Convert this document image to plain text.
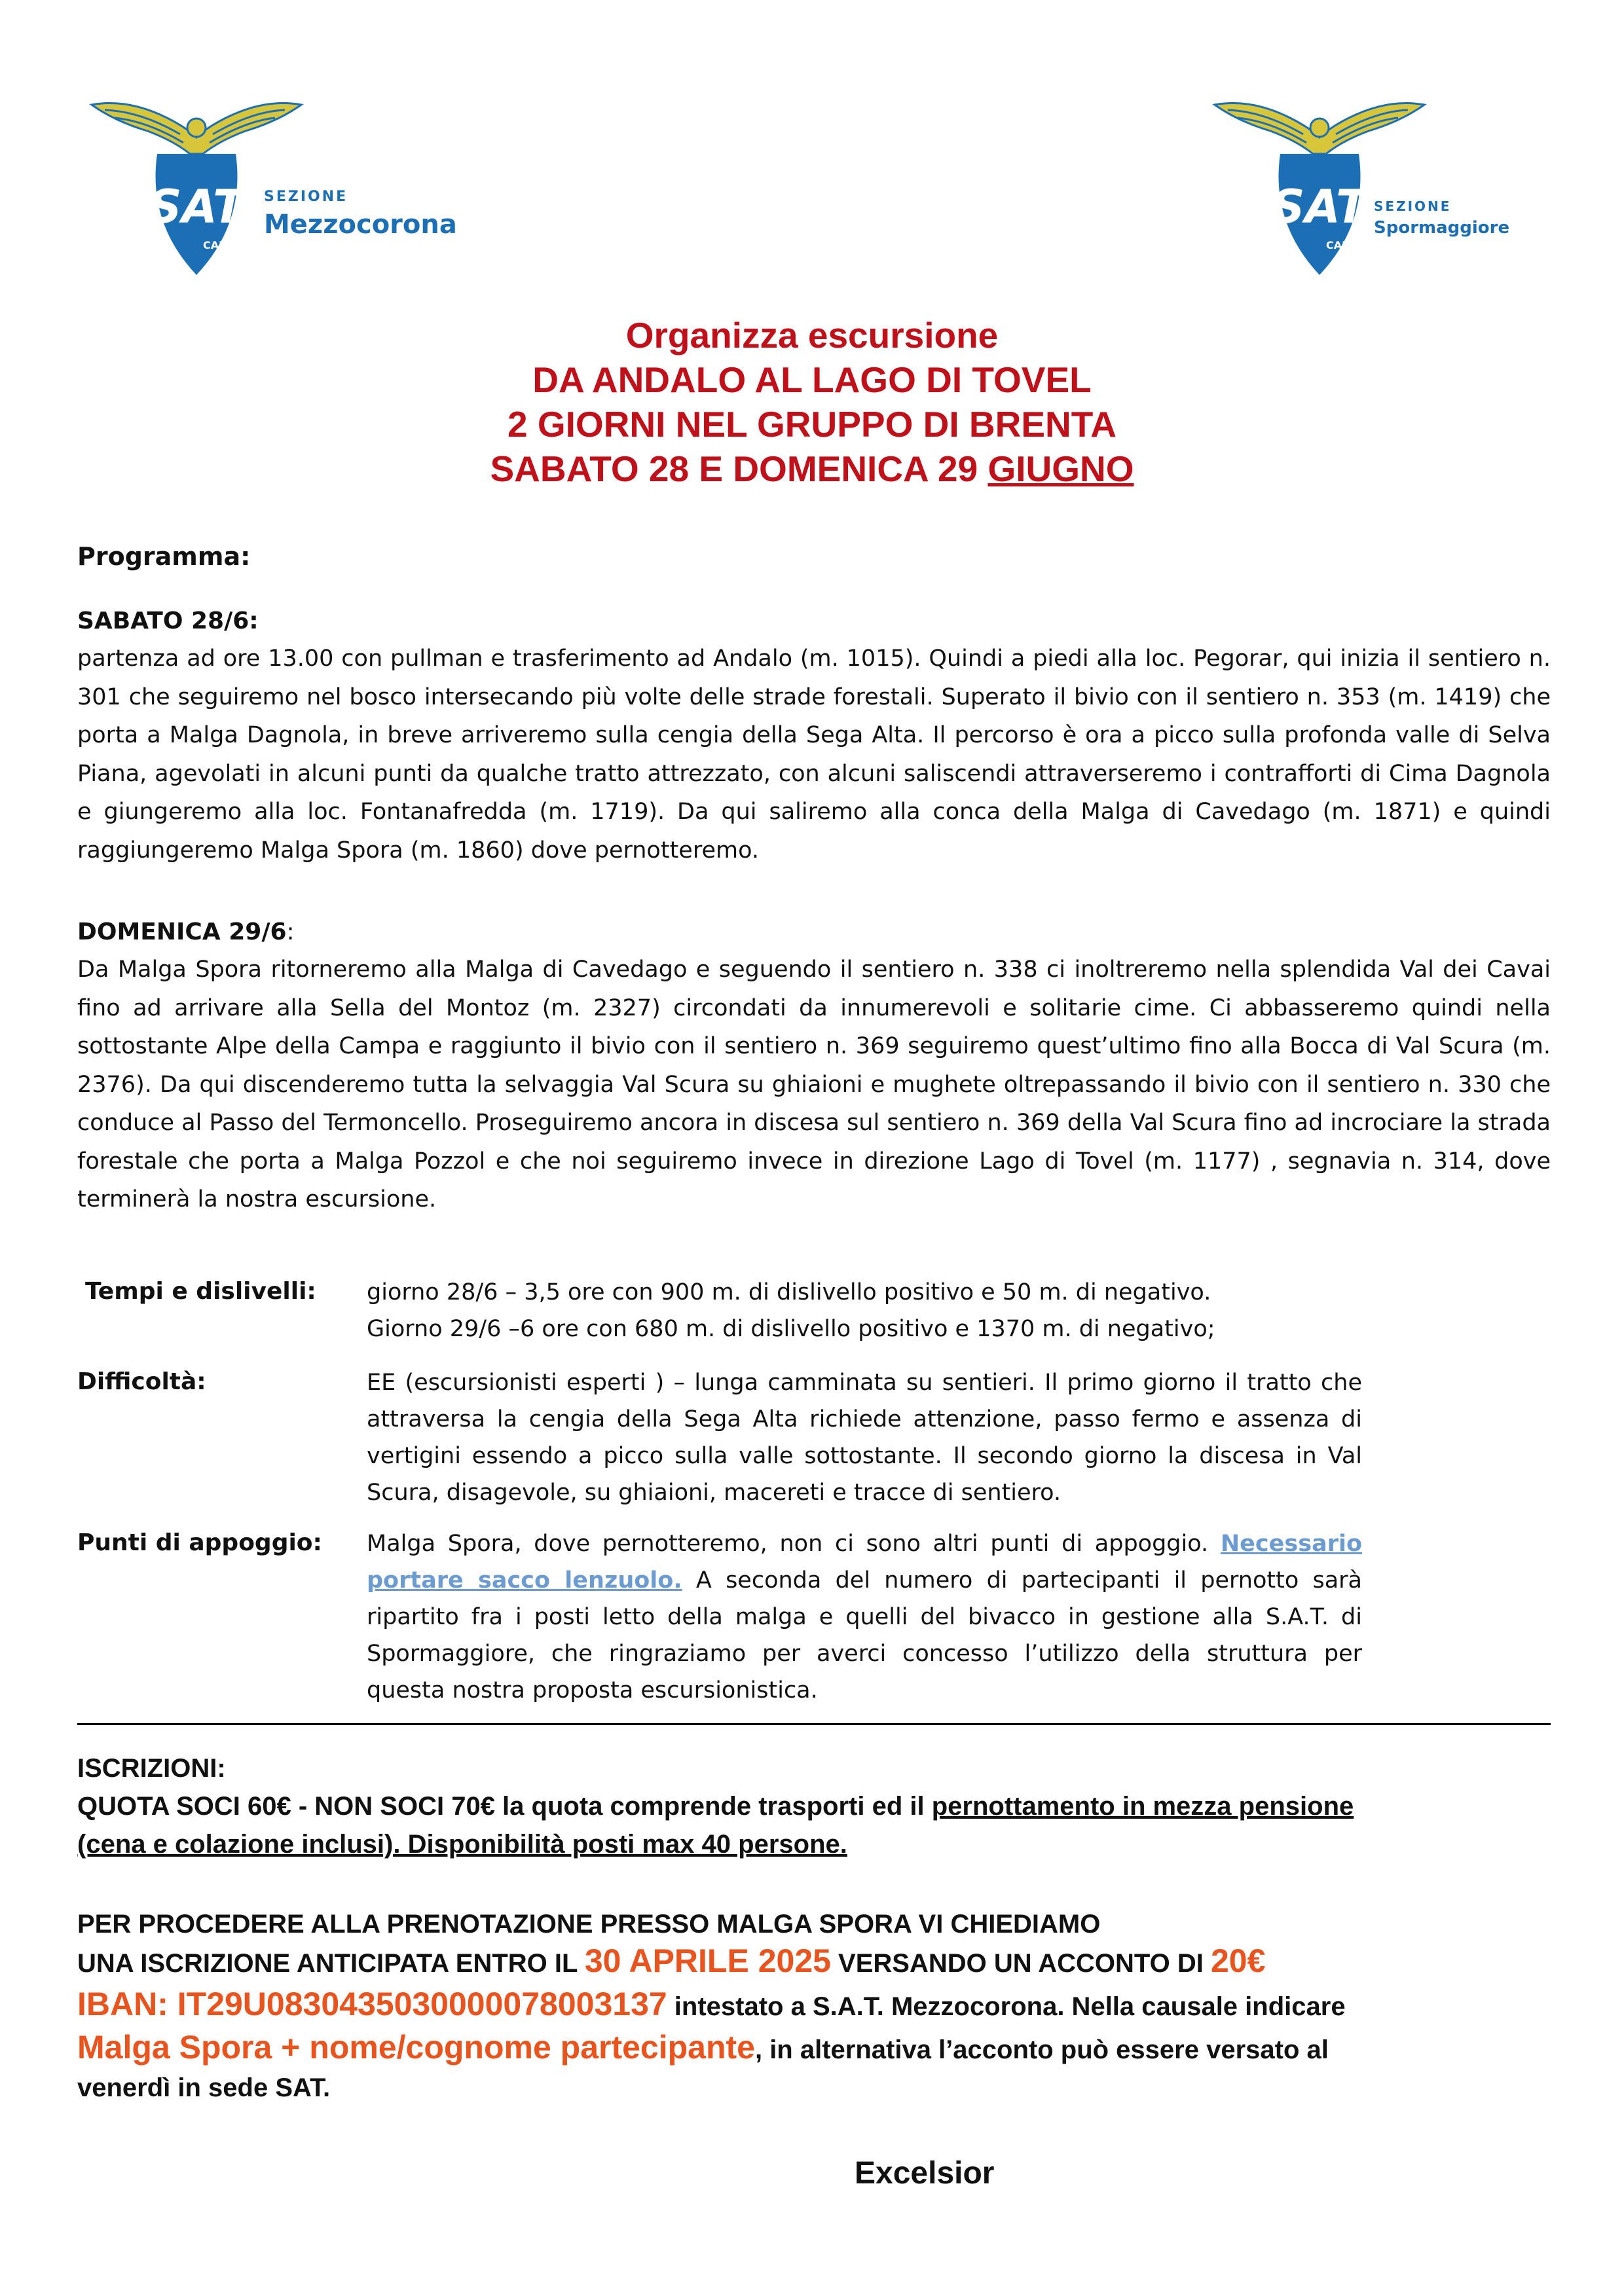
SAT
CAI
SEZIONE
Mezzocorona	SAT
CAI
SEZIONE
Spormaggiore
Organizza escursione
DA ANDALO AL LAGO DI TOVEL
2 GIORNI NEL GRUPPO DI BRENTA
SABATO 28 E DOMENICA 29 GIUGNO
Programma:
SABATO 28/6:
partenza ad ore 13.00 con pullman e trasferimento ad Andalo (m. 1015). Quindi a piedi alla loc. Pegorar, qui inizia il sentiero n. 301 che seguiremo nel bosco intersecando più volte delle strade forestali. Superato il bivio con il sentiero n. 353 (m. 1419) che porta a Malga Dagnola, in breve arriveremo sulla cengia della Sega Alta. Il percorso è ora a picco sulla profonda valle di Selva Piana, agevolati in alcuni punti da qualche tratto attrezzato, con alcuni saliscendi attraverseremo i contrafforti di Cima Dagnola e giungeremo alla loc. Fontanafredda (m. 1719). Da qui saliremo alla conca della Malga di Cavedago (m. 1871) e quindi raggiungeremo Malga Spora (m. 1860) dove pernotteremo.
DOMENICA 29/6:
Da Malga Spora ritorneremo alla Malga di Cavedago e seguendo il sentiero n. 338 ci inoltreremo nella splendida Val dei Cavai fino ad arrivare alla Sella del Montoz (m. 2327) circondati da innumerevoli e solitarie cime. Ci abbasseremo quindi nella sottostante Alpe della Campa e raggiunto il bivio con il sentiero n. 369 seguiremo quest’ultimo fino alla Bocca di Val Scura (m. 2376). Da qui discenderemo tutta la selvaggia Val Scura su ghiaioni e mughete oltrepassando il bivio con il sentiero n. 330 che conduce al Passo del Termoncello. Proseguiremo ancora in discesa sul sentiero n. 369 della Val Scura fino ad incrociare la strada forestale che porta a Malga Pozzol e che noi seguiremo invece in direzione Lago di Tovel (m. 1177) , segnavia n. 314, dove terminerà la nostra escursione.
Tempi e dislivelli: giorno 28/6 – 3,5 ore con 900 m. di dislivello positivo e 50 m. di negativo.
Giorno 29/6 –6 ore con 680 m. di dislivello positivo e 1370 m. di negativo;
Difficoltà:	EE (escursionisti esperti ) – lunga camminata su sentieri. Il primo giorno il tratto che attraversa la cengia della Sega Alta richiede attenzione, passo fermo e assenza di vertigini essendo a picco sulla valle sottostante. Il secondo giorno la discesa in Val Scura, disagevole, su ghiaioni, macereti e tracce di sentiero.
Punti di appoggio: Malga Spora, dove pernotteremo, non ci sono altri punti di appoggio. Necessario portare sacco lenzuolo. A seconda del numero di partecipanti il pernotto sarà ripartito fra i posti letto della malga e quelli del bivacco in gestione alla S.A.T. di Spormaggiore, che ringraziamo per averci concesso l’utilizzo della struttura per questa nostra proposta escursionistica.
ISCRIZIONI:
QUOTA SOCI 60€ - NON SOCI 70€ la quota comprende trasporti ed il pernottamento in mezza pensione
(cena e colazione inclusi). Disponibilità posti max 40 persone.
PER PROCEDERE ALLA PRENOTAZIONE PRESSO MALGA SPORA VI CHIEDIAMO
UNA ISCRIZIONE ANTICIPATA ENTRO IL 30 APRILE 2025 VERSANDO UN ACCONTO DI 20€
IBAN: IT29U0830435030000078003137 intestato a S.A.T. Mezzocorona. Nella causale indicare
Malga Spora + nome/cognome partecipante, in alternativa l’acconto può essere versato al
venerdì in sede SAT.
Excelsior
